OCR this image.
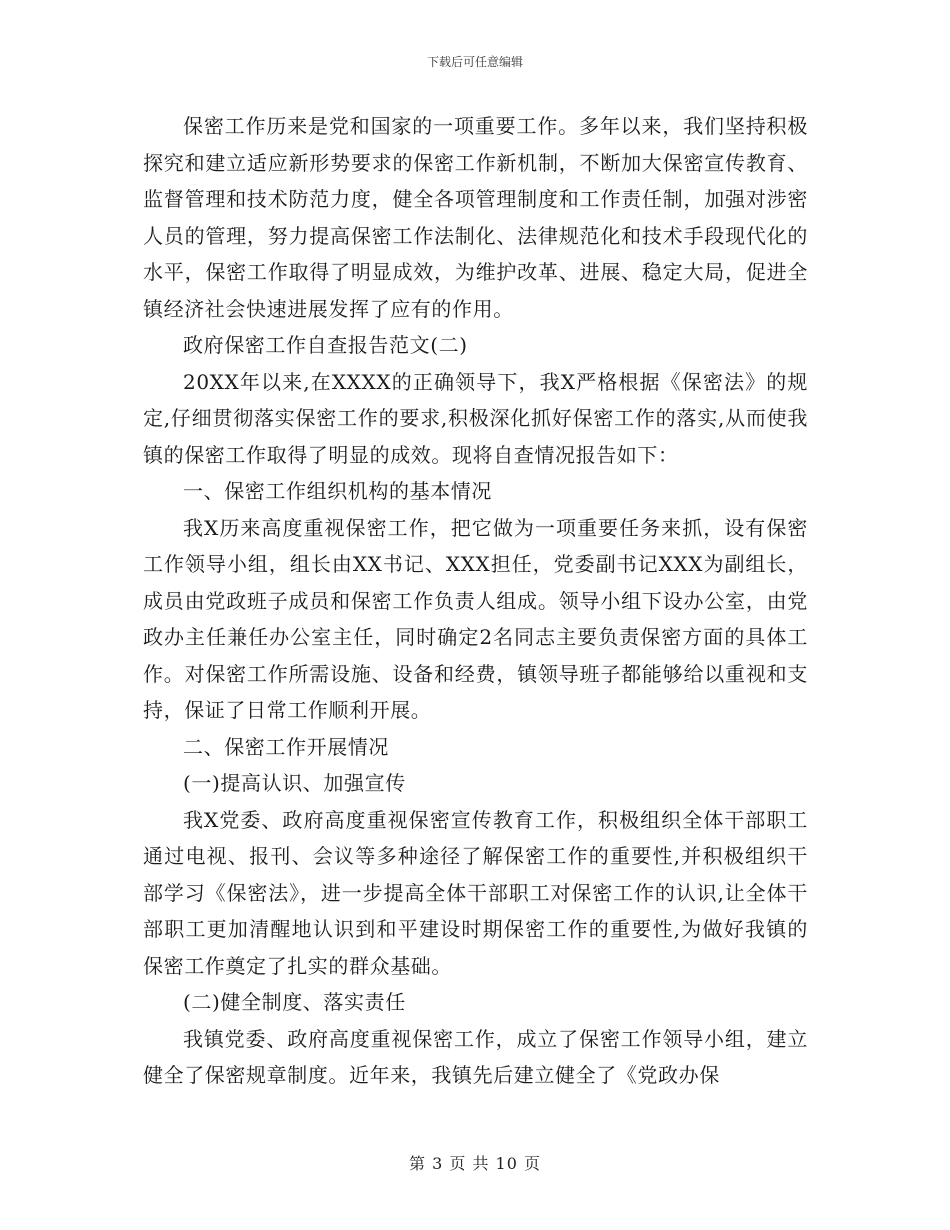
下载后可任意编辑

保密工作历来是党和国家的一项重要工作。多年以来，我们坚持积极探究和建立适应新形势要求的保密工作新机制，不断加大保密宣传教育、监督管理和技术防范力度，健全各项管理制度和工作责任制，加强对涉密人员的管理，努力提高保密工作法制化、法律规范化和技术手段现代化的水平，保密工作取得了明显成效，为维护改革、进展、稳定大局，促进全镇经济社会快速进展发挥了应有的作用。

政府保密工作自查报告范文(二)

20XX年以来,在XXXX的正确领导下，我X严格根据《保密法》的规定,仔细贯彻落实保密工作的要求,积极深化抓好保密工作的落实,从而使我镇的保密工作取得了明显的成效。现将自查情况报告如下：

一、保密工作组织机构的基本情况

我X历来高度重视保密工作，把它做为一项重要任务来抓，设有保密工作领导小组，组长由XX书记、XXX担任，党委副书记XXX为副组长，成员由党政班子成员和保密工作负责人组成。领导小组下设办公室，由党政办主任兼任办公室主任，同时确定2名同志主要负责保密方面的具体工作。对保密工作所需设施、设备和经费，镇领导班子都能够给以重视和支持，保证了日常工作顺利开展。

二、保密工作开展情况

(一)提高认识、加强宣传

我X党委、政府高度重视保密宣传教育工作，积极组织全体干部职工通过电视、报刊、会议等多种途径了解保密工作的重要性,并积极组织干部学习《保密法》，进一步提高全体干部职工对保密工作的认识,让全体干部职工更加清醒地认识到和平建设时期保密工作的重要性,为做好我镇的保密工作奠定了扎实的群众基础。

(二)健全制度、落实责任

我镇党委、政府高度重视保密工作，成立了保密工作领导小组，建立健全了保密规章制度。近年来，我镇先后建立健全了《党政办保

第 3 页 共 10 页
